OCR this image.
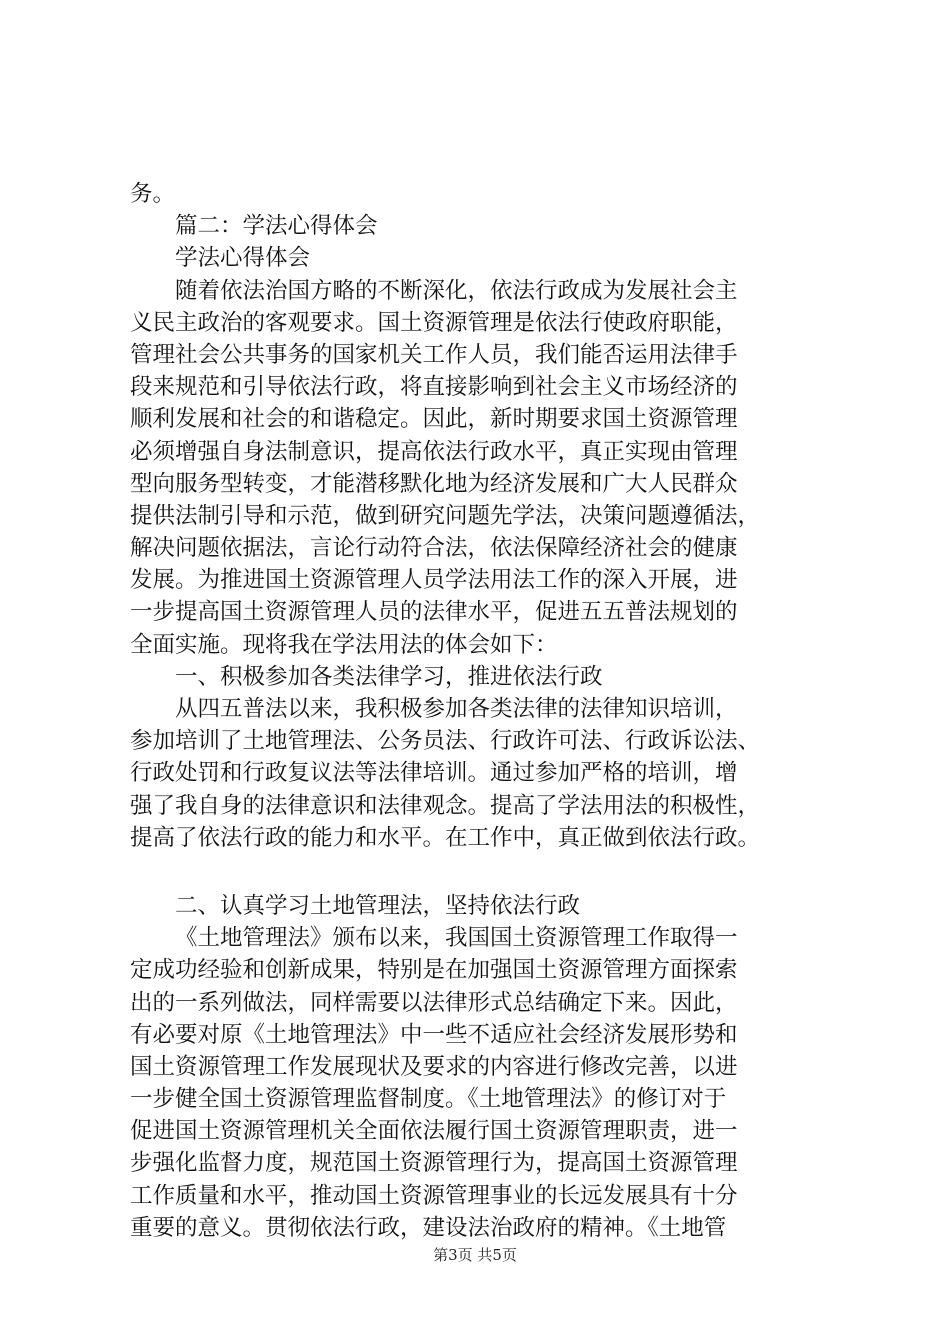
务。
篇二：学法心得体会
学法心得体会
随着依法治国方略的不断深化，依法行政成为发展社会主
义民主政治的客观要求。国土资源管理是依法行使政府职能，
管理社会公共事务的国家机关工作人员，我们能否运用法律手
段来规范和引导依法行政，将直接影响到社会主义市场经济的
顺利发展和社会的和谐稳定。因此，新时期要求国土资源管理
必须增强自身法制意识，提高依法行政水平，真正实现由管理
型向服务型转变，才能潜移默化地为经济发展和广大人民群众
提供法制引导和示范，做到研究问题先学法，决策问题遵循法，
解决问题依据法，言论行动符合法，依法保障经济社会的健康
发展。为推进国土资源管理人员学法用法工作的深入开展，进
一步提高国土资源管理人员的法律水平，促进五五普法规划的
全面实施。现将我在学法用法的体会如下：
一、积极参加各类法律学习，推进依法行政
从四五普法以来，我积极参加各类法律的法律知识培训，
参加培训了土地管理法、公务员法、行政许可法、行政诉讼法、
行政处罚和行政复议法等法律培训。通过参加严格的培训，增
强了我自身的法律意识和法律观念。提高了学法用法的积极性，
提高了依法行政的能力和水平。在工作中，真正做到依法行政。
二、认真学习土地管理法，坚持依法行政
《土地管理法》颁布以来，我国国土资源管理工作取得一
定成功经验和创新成果，特别是在加强国土资源管理方面探索
出的一系列做法，同样需要以法律形式总结确定下来。因此，
有必要对原《土地管理法》中一些不适应社会经济发展形势和
国土资源管理工作发展现状及要求的内容进行修改完善，以进
一步健全国土资源管理监督制度。《土地管理法》的修订对于
促进国土资源管理机关全面依法履行国土资源管理职责，进一
步强化监督力度，规范国土资源管理行为，提高国土资源管理
工作质量和水平，推动国土资源管理事业的长远发展具有十分
重要的意义。贯彻依法行政，建设法治政府的精神。《土地管
第3页 共5页
